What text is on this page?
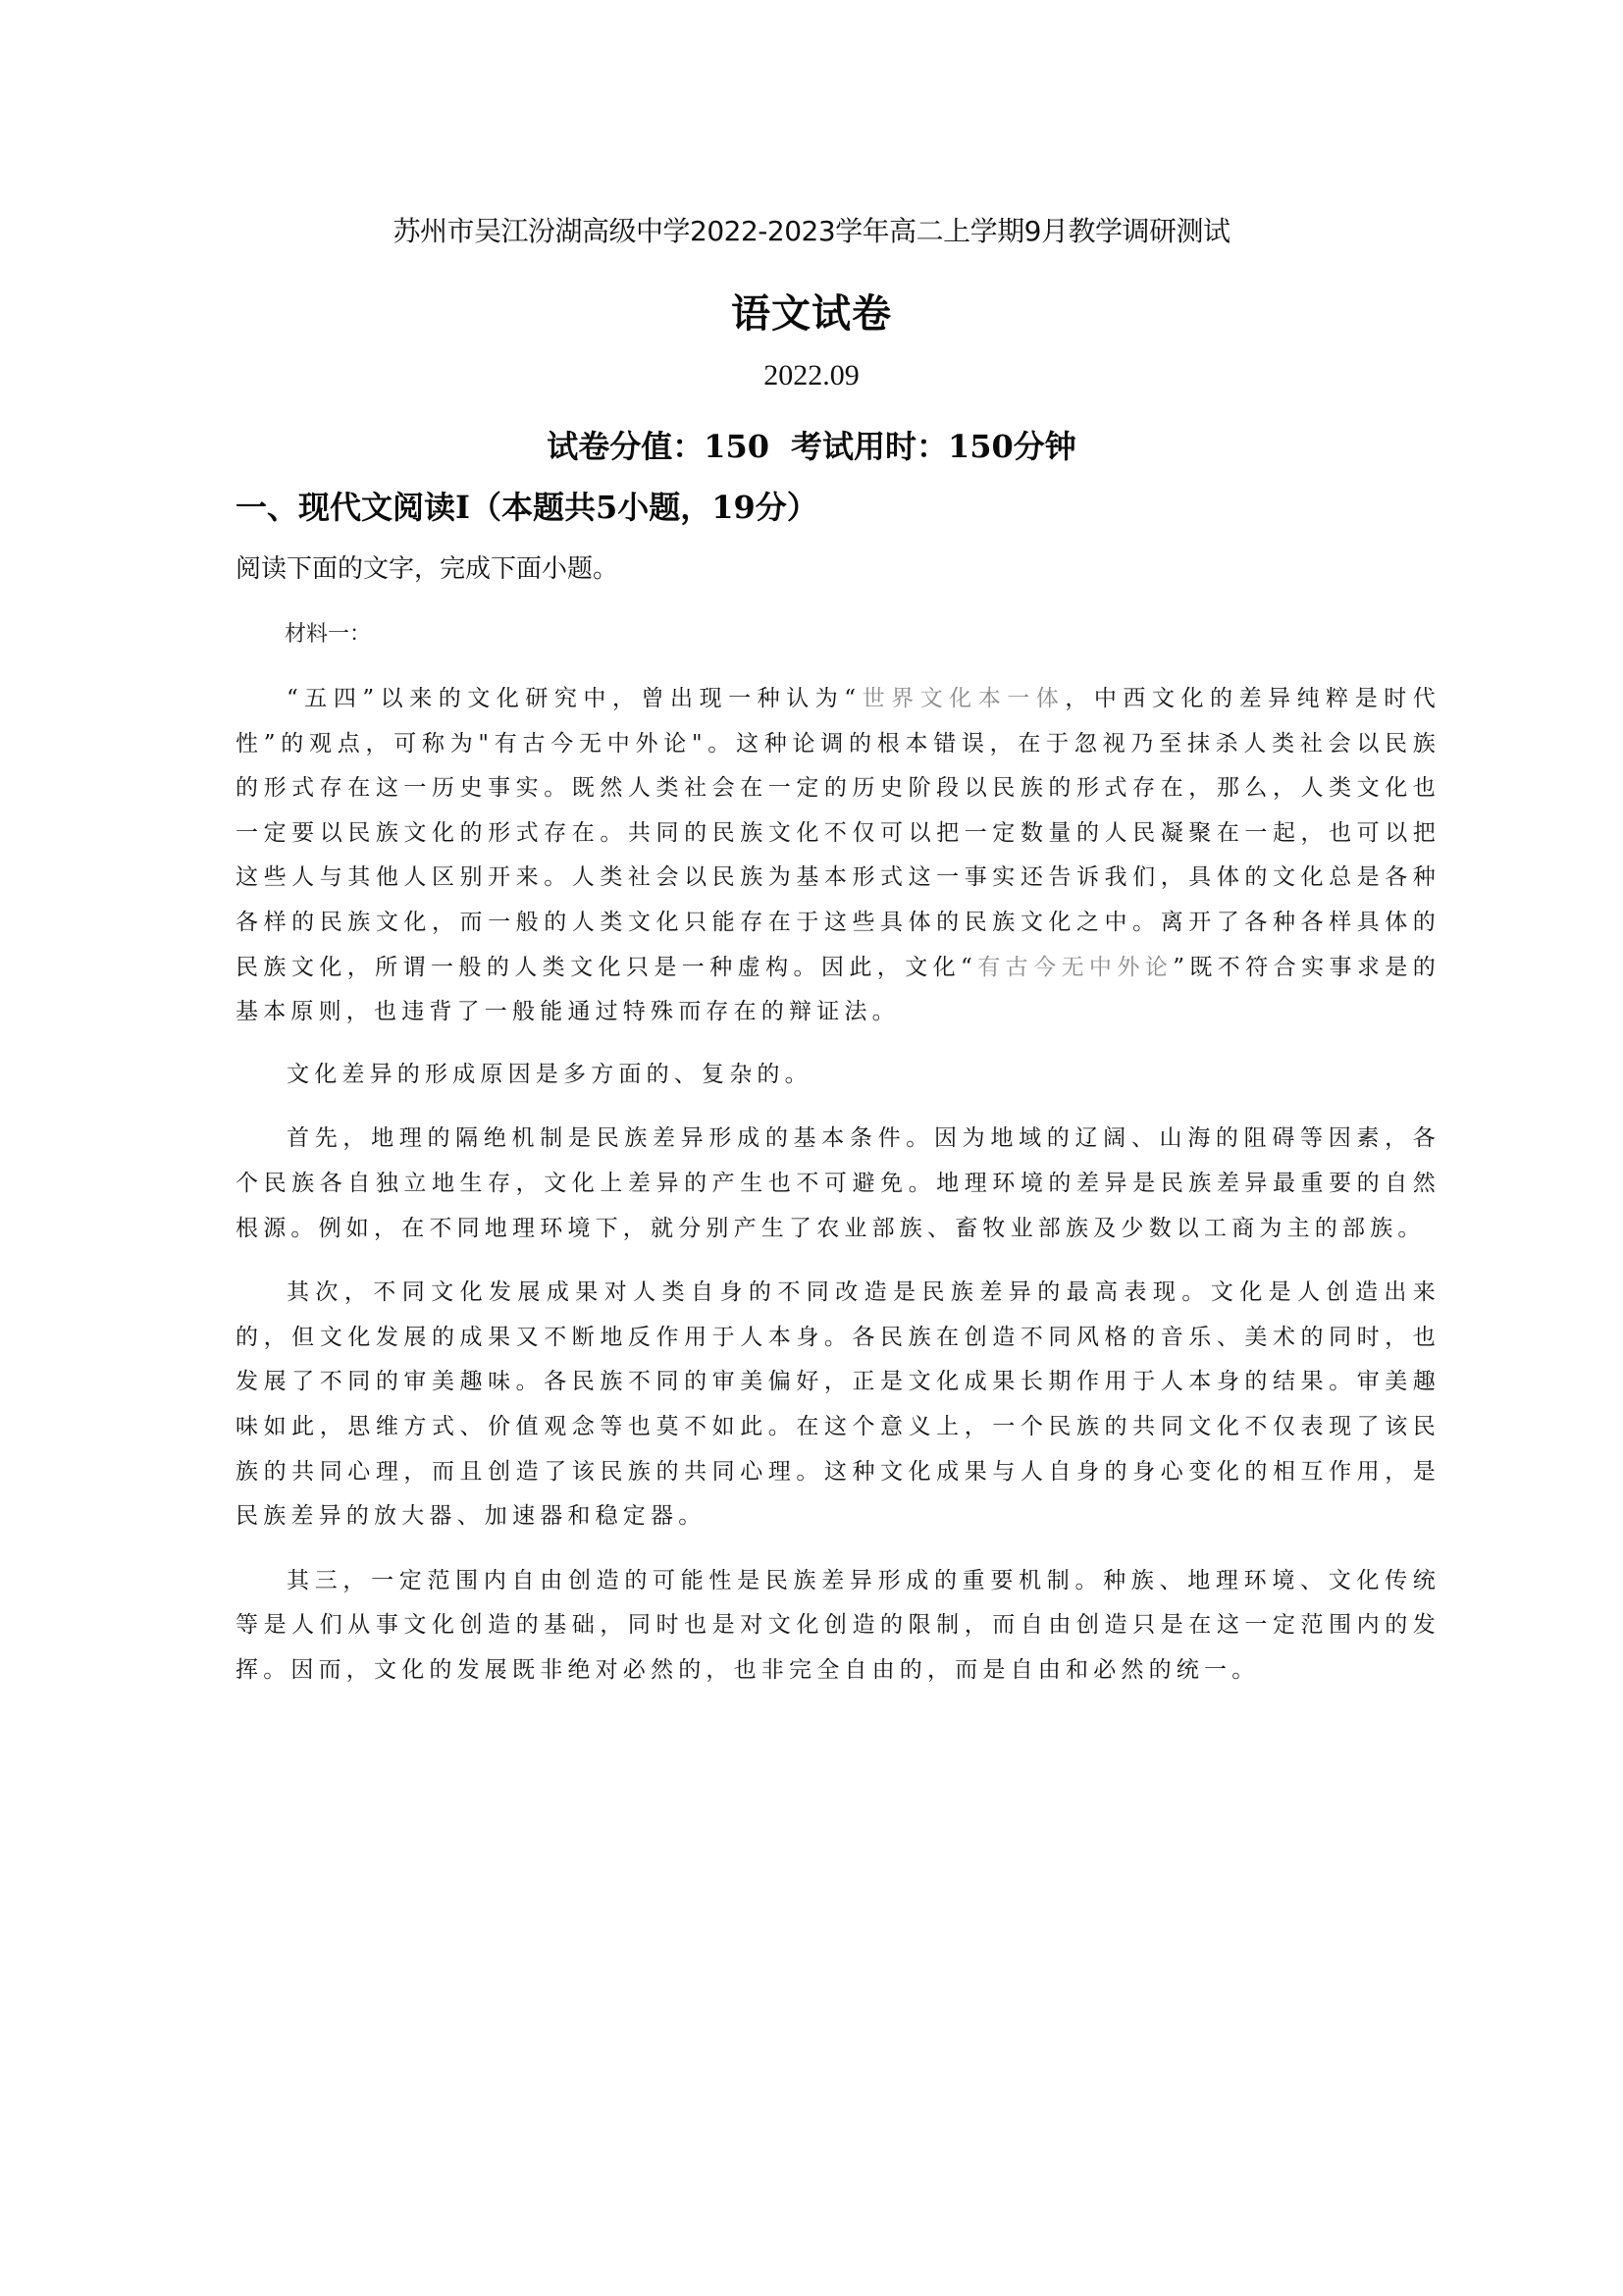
苏州市吴江汾湖高级中学2022-2023学年高二上学期9月教学调研测试
语文试卷
2022.09
试卷分值：150 考试用时：150分钟
一、现代文阅读Ⅰ（本题共5小题，19分）
阅读下面的文字，完成下面小题。
材料一：

“五四”以来的文化研究中，曾出现一种认为“世界文化本一体，中西文化的差异纯粹是时代性”的观点，可称为"有古今无中外论"。这种论调的根本错误，在于忽视乃至抹杀人类社会以民族的形式存在这一历史事实。既然人类社会在一定的历史阶段以民族的形式存在，那么，人类文化也一定要以民族文化的形式存在。共同的民族文化不仅可以把一定数量的人民凝聚在一起，也可以把这些人与其他人区别开来。人类社会以民族为基本形式这一事实还告诉我们，具体的文化总是各种各样的民族文化，而一般的人类文化只能存在于这些具体的民族文化之中。离开了各种各样具体的民族文化，所谓一般的人类文化只是一种虚构。因此，文化“有古今无中外论”既不符合实事求是的基本原则，也违背了一般能通过特殊而存在的辩证法。

文化差异的形成原因是多方面的、复杂的。

首先，地理的隔绝机制是民族差异形成的基本条件。因为地域的辽阔、山海的阻碍等因素，各个民族各自独立地生存，文化上差异的产生也不可避免。地理环境的差异是民族差异最重要的自然根源。例如，在不同地理环境下，就分别产生了农业部族、畜牧业部族及少数以工商为主的部族。

其次，不同文化发展成果对人类自身的不同改造是民族差异的最高表现。文化是人创造出来的，但文化发展的成果又不断地反作用于人本身。各民族在创造不同风格的音乐、美术的同时，也发展了不同的审美趣味。各民族不同的审美偏好，正是文化成果长期作用于人本身的结果。审美趣味如此，思维方式、价值观念等也莫不如此。在这个意义上，一个民族的共同文化不仅表现了该民族的共同心理，而且创造了该民族的共同心理。这种文化成果与人自身的身心变化的相互作用，是民族差异的放大器、加速器和稳定器。

其三，一定范围内自由创造的可能性是民族差异形成的重要机制。种族、地理环境、文化传统等是人们从事文化创造的基础，同时也是对文化创造的限制，而自由创造只是在这一定范围内的发挥。因而，文化的发展既非绝对必然的，也非完全自由的，而是自由和必然的统一。
